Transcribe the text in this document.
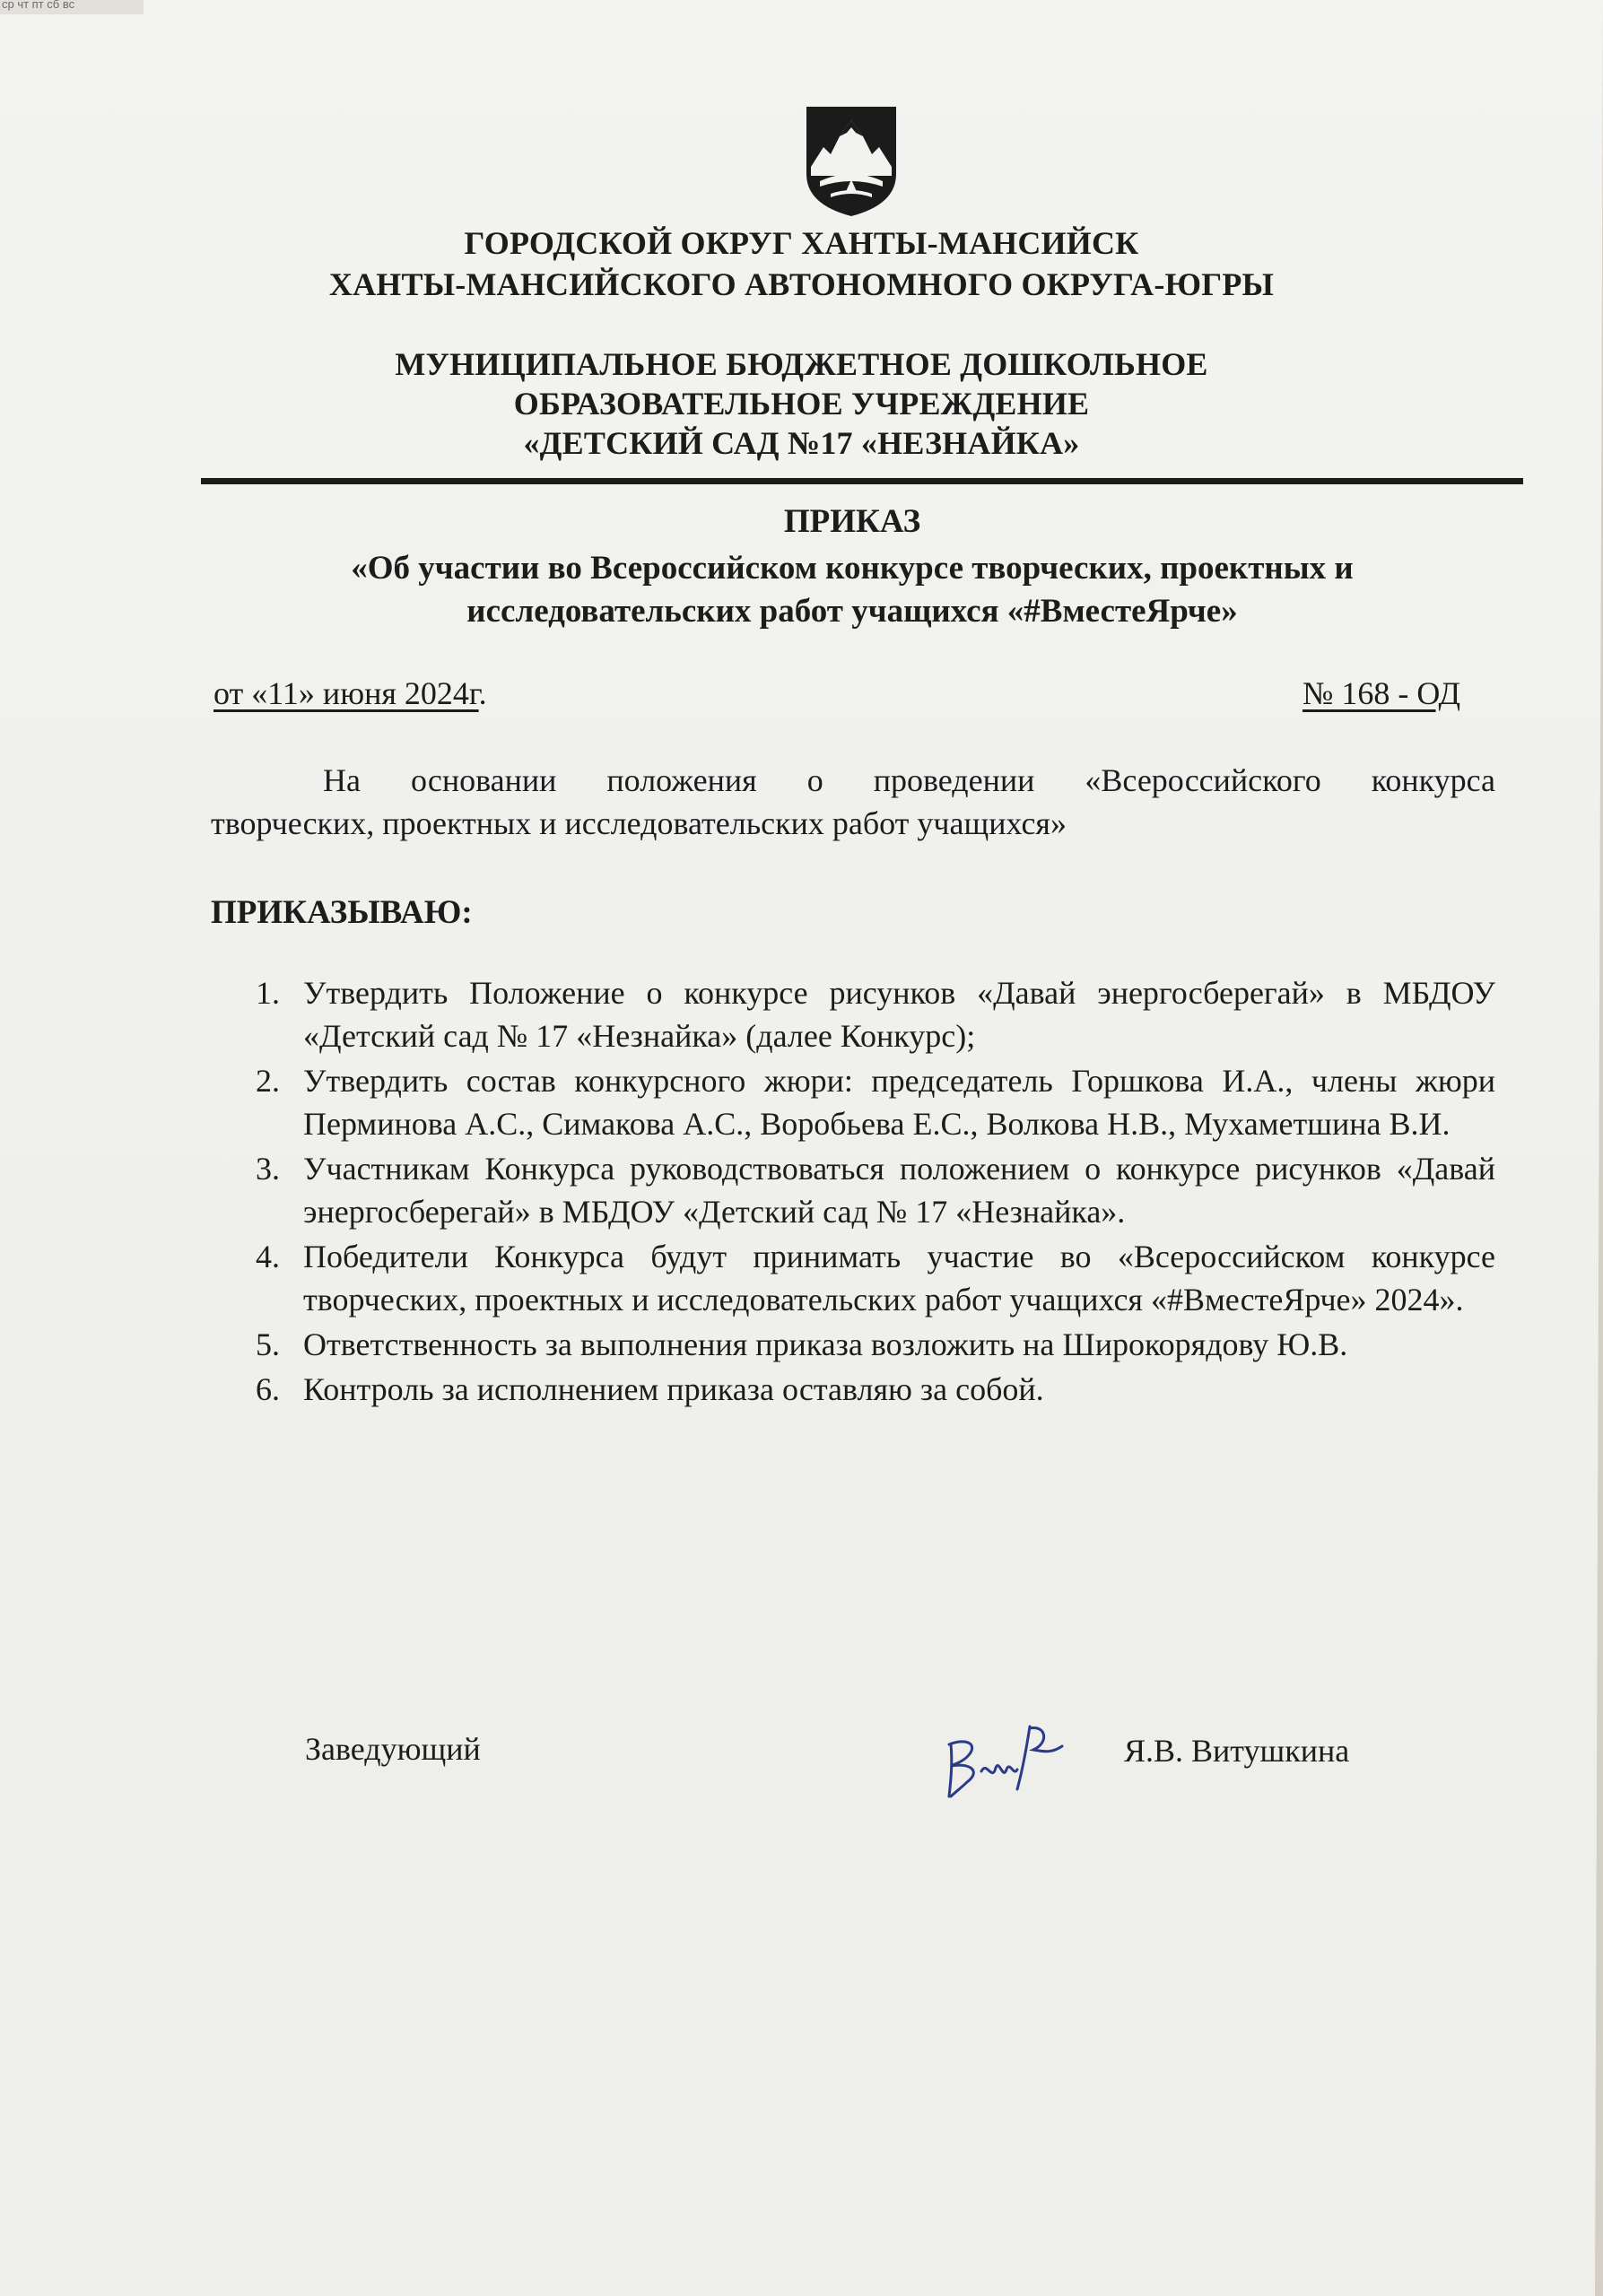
ср чт пт сб вс
ГОРОДСКОЙ ОКРУГ ХАНТЫ-МАНСИЙСК
ХАНТЫ-МАНСИЙСКОГО АВТОНОМНОГО ОКРУГА-ЮГРЫ
МУНИЦИПАЛЬНОЕ БЮДЖЕТНОЕ ДОШКОЛЬНОЕ
ОБРАЗОВАТЕЛЬНОЕ УЧРЕЖДЕНИЕ
«ДЕТСКИЙ САД №17 «НЕЗНАЙКА»
ПРИКАЗ
«Об участии во Всероссийском конкурсе творческих, проектных и
исследовательских работ учащихся «#ВместеЯрче»
от «11» июня 2024г.	№ 168 - ОД
На основании положения о проведении «Всероссийского конкурса
творческих, проектных и исследовательских работ учащихся»
ПРИКАЗЫВАЮ:
1. Утвердить Положение о конкурсе рисунков «Давай энергосберегай» в МБДОУ «Детский сад № 17 «Незнайка» (далее Конкурс);
2. Утвердить состав конкурсного жюри: председатель Горшкова И.А., члены жюри Перминова А.С., Симакова А.С., Воробьева Е.С., Волкова Н.В., Мухаметшина В.И.
3. Участникам Конкурса руководствоваться положением о конкурсе рисунков «Давай энергосберегай» в МБДОУ «Детский сад № 17 «Незнайка».
4. Победители Конкурса будут принимать участие во «Всероссийском конкурсе творческих, проектных и исследовательских работ учащихся «#ВместеЯрче» 2024».
5. Ответственность за выполнения приказа возложить на Широкорядову Ю.В.
6. Контроль за исполнением приказа оставляю за собой.
Заведующий	Я.В. Витушкина
